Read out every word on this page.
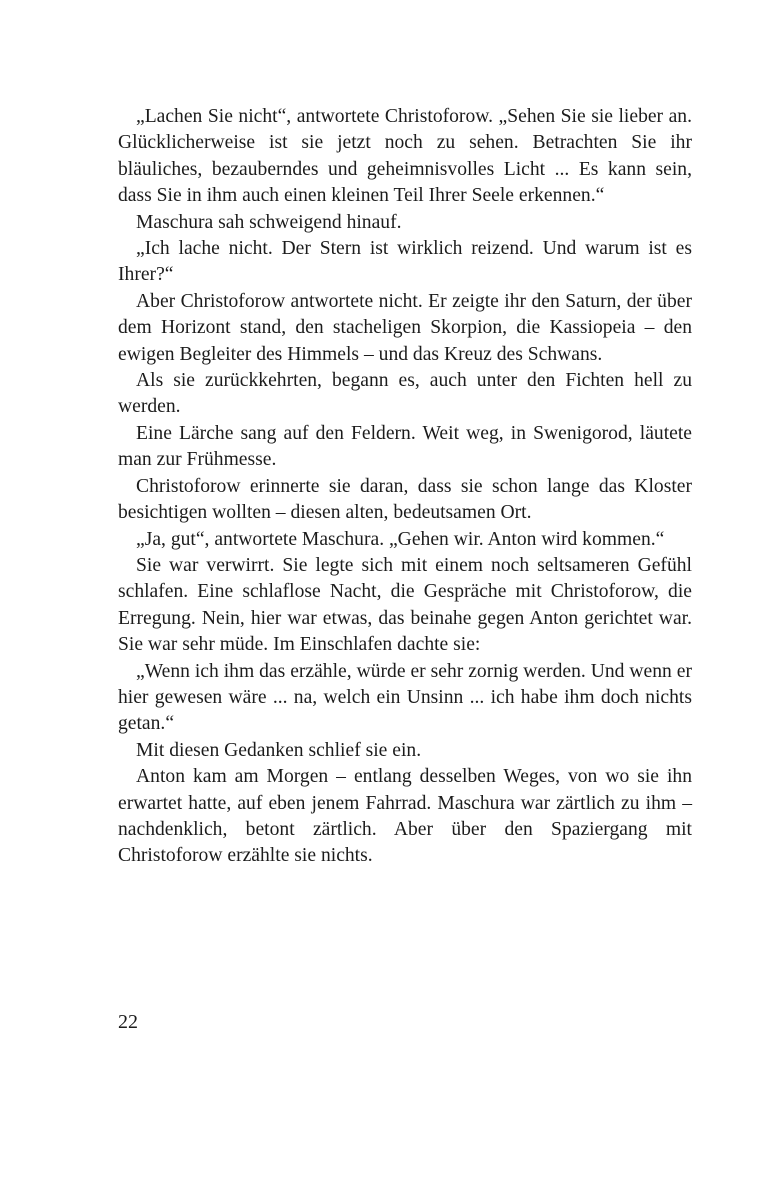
„Lachen Sie nicht“, antwortete Christoforow. „Sehen Sie sie lieber an. Glücklicherweise ist sie jetzt noch zu sehen. Betrachten Sie ihr bläuliches, bezauberndes und geheimnisvolles Licht ... Es kann sein, dass Sie in ihm auch einen kleinen Teil Ihrer Seele erkennen.“

Maschura sah schweigend hinauf.

„Ich lache nicht. Der Stern ist wirklich reizend. Und warum ist es Ihrer?“

Aber Christoforow antwortete nicht. Er zeigte ihr den Saturn, der über dem Horizont stand, den stacheligen Skorpion, die Kassiopeia – den ewigen Begleiter des Himmels – und das Kreuz des Schwans.

Als sie zurückkehrten, begann es, auch unter den Fichten hell zu werden.

Eine Lärche sang auf den Feldern. Weit weg, in Swenigorod, läutete man zur Frühmesse.

Christoforow erinnerte sie daran, dass sie schon lange das Kloster besichtigen wollten – diesen alten, bedeutsamen Ort.

„Ja, gut“, antwortete Maschura. „Gehen wir. Anton wird kommen.“

Sie war verwirrt. Sie legte sich mit einem noch seltsameren Gefühl schlafen. Eine schlaflose Nacht, die Gespräche mit Christoforow, die Erregung. Nein, hier war etwas, das beinahe gegen Anton gerichtet war. Sie war sehr müde. Im Einschlafen dachte sie:

„Wenn ich ihm das erzähle, würde er sehr zornig werden. Und wenn er hier gewesen wäre ... na, welch ein Unsinn ... ich habe ihm doch nichts getan.“

Mit diesen Gedanken schlief sie ein.

Anton kam am Morgen – entlang desselben Weges, von wo sie ihn erwartet hatte, auf eben jenem Fahrrad. Maschura war zärtlich zu ihm – nachdenklich, betont zärtlich. Aber über den Spaziergang mit Christoforow erzählte sie nichts.

22
